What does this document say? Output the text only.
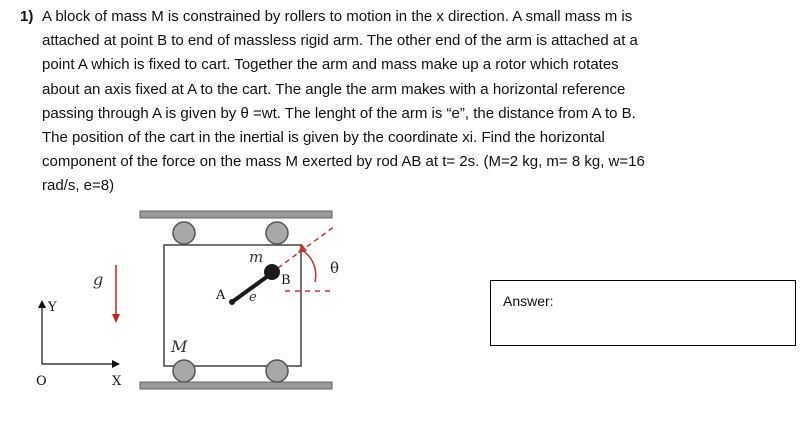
1) A block of mass M is constrained by rollers to motion in the x direction. A small mass m is
attached at point B to end of massless rigid arm. The other end of the arm is attached at a
point A which is fixed to cart. Together the arm and mass make up a rotor which rotates
about an axis fixed at A to the cart. The angle the arm makes with a horizontal reference
passing through A is given by θ =wt. The lenght of the arm is “e”, the distance from A to B.
The position of the cart in the inertial is given by the coordinate xi. Find the horizontal
component of the force on the mass M exerted by rod AB at t= 2s. (M=2 kg, m= 8 kg, w=16
rad/s, e=8)
m
B
A e
θ
M
g
Y
X
O
Answer:
